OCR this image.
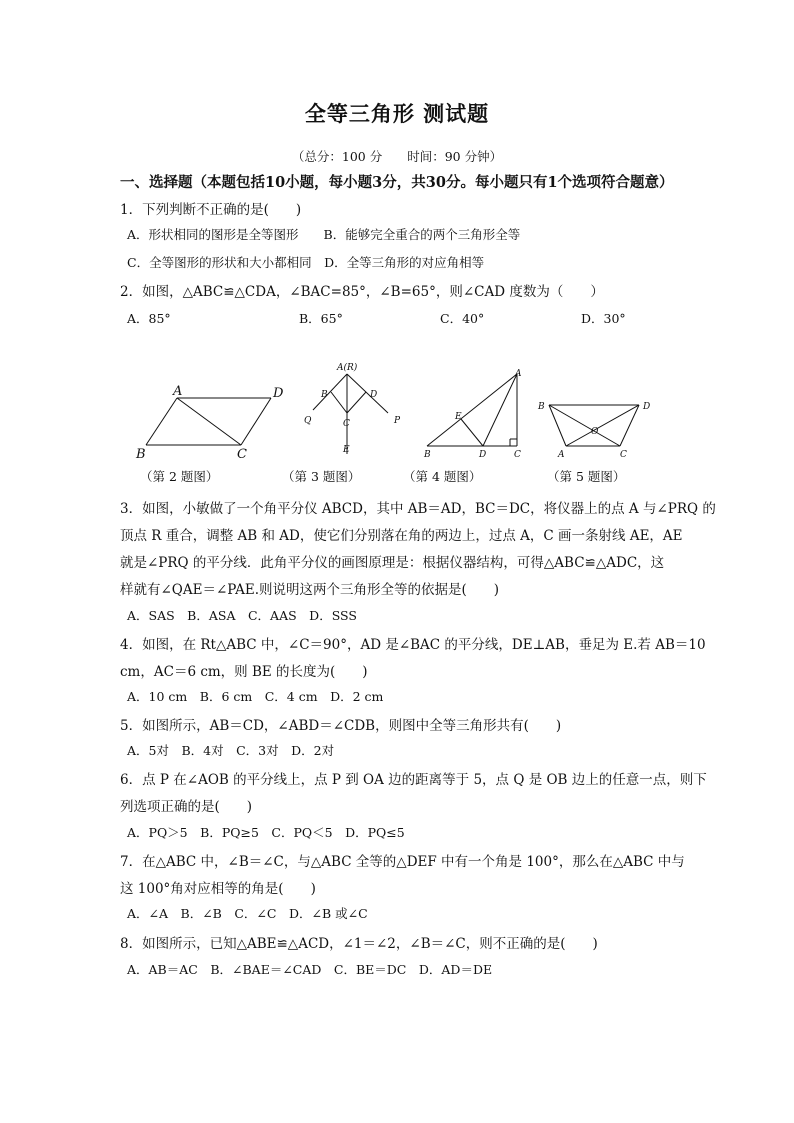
全等三角形 测试题
（总分：100 分　　时间：90 分钟）
一、选择题（本题包括10小题，每小题3分，共30分。每小题只有1个选项符合题意）
1．下列判断不正确的是(　　)
A．形状相同的图形是全等图形　　B．能够完全重合的两个三角形全等
C．全等图形的形状和大小都相同　D．全等三角形的对应角相等
2．如图，△ABC≌△CDA，∠BAC=85°，∠B=65°，则∠CAD 度数为（　　）
A．85°	B．65°	C．40°	D．30°
A	D
B	C
A(R)
B	D
C
E
Q	P
A
E
B	D	C
B	D
O
A	C
（第 2 题图）	（第 3 题图）	（第 4 题图）	（第 5 题图）
3．如图，小敏做了一个角平分仪 ABCD，其中 AB＝AD，BC＝DC，将仪器上的点 A 与∠PRQ 的
顶点 R 重合，调整 AB 和 AD，使它们分别落在角的两边上，过点 A，C 画一条射线 AE，AE
就是∠PRQ 的平分线．此角平分仪的画图原理是：根据仪器结构，可得△ABC≌△ADC，这
样就有∠QAE＝∠PAE.则说明这两个三角形全等的依据是(　　)
A．SAS　B．ASA　C．AAS　D．SSS
4．如图，在 Rt△ABC 中，∠C＝90°，AD 是∠BAC 的平分线，DE⊥AB，垂足为 E.若 AB＝10
cm，AC＝6 cm，则 BE 的长度为(　　)
A．10 cm　B．6 cm　C．4 cm　D．2 cm
5．如图所示，AB＝CD，∠ABD＝∠CDB，则图中全等三角形共有(　　)
A．5对　B．4对　C．3对　D．2对
6．点 P 在∠AOB 的平分线上，点 P 到 OA 边的距离等于 5，点 Q 是 OB 边上的任意一点，则下
列选项正确的是(　　)
A．PQ＞5　B．PQ≥5　C．PQ＜5　D．PQ≤5
7．在△ABC 中，∠B＝∠C，与△ABC 全等的△DEF 中有一个角是 100°，那么在△ABC 中与
这 100°角对应相等的角是(　　)
A．∠A　B．∠B　C．∠C　D．∠B 或∠C
8．如图所示，已知△ABE≌△ACD，∠1＝∠2，∠B＝∠C，则不正确的是(　　)
A．AB＝AC　B．∠BAE＝∠CAD　C．BE＝DC　D．AD＝DE
